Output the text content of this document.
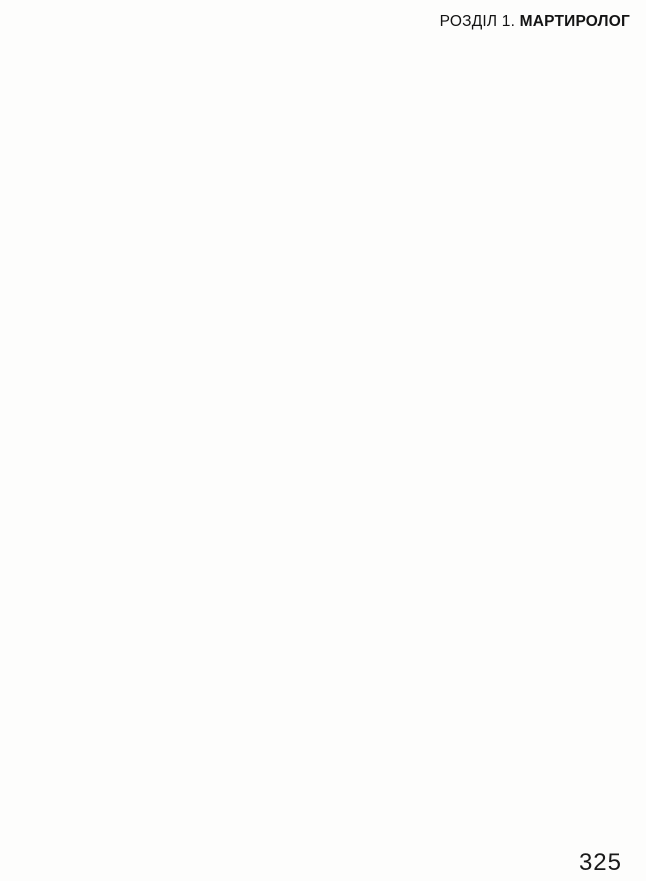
РОЗДІЛ 1. МАРТИРОЛОГ
325
